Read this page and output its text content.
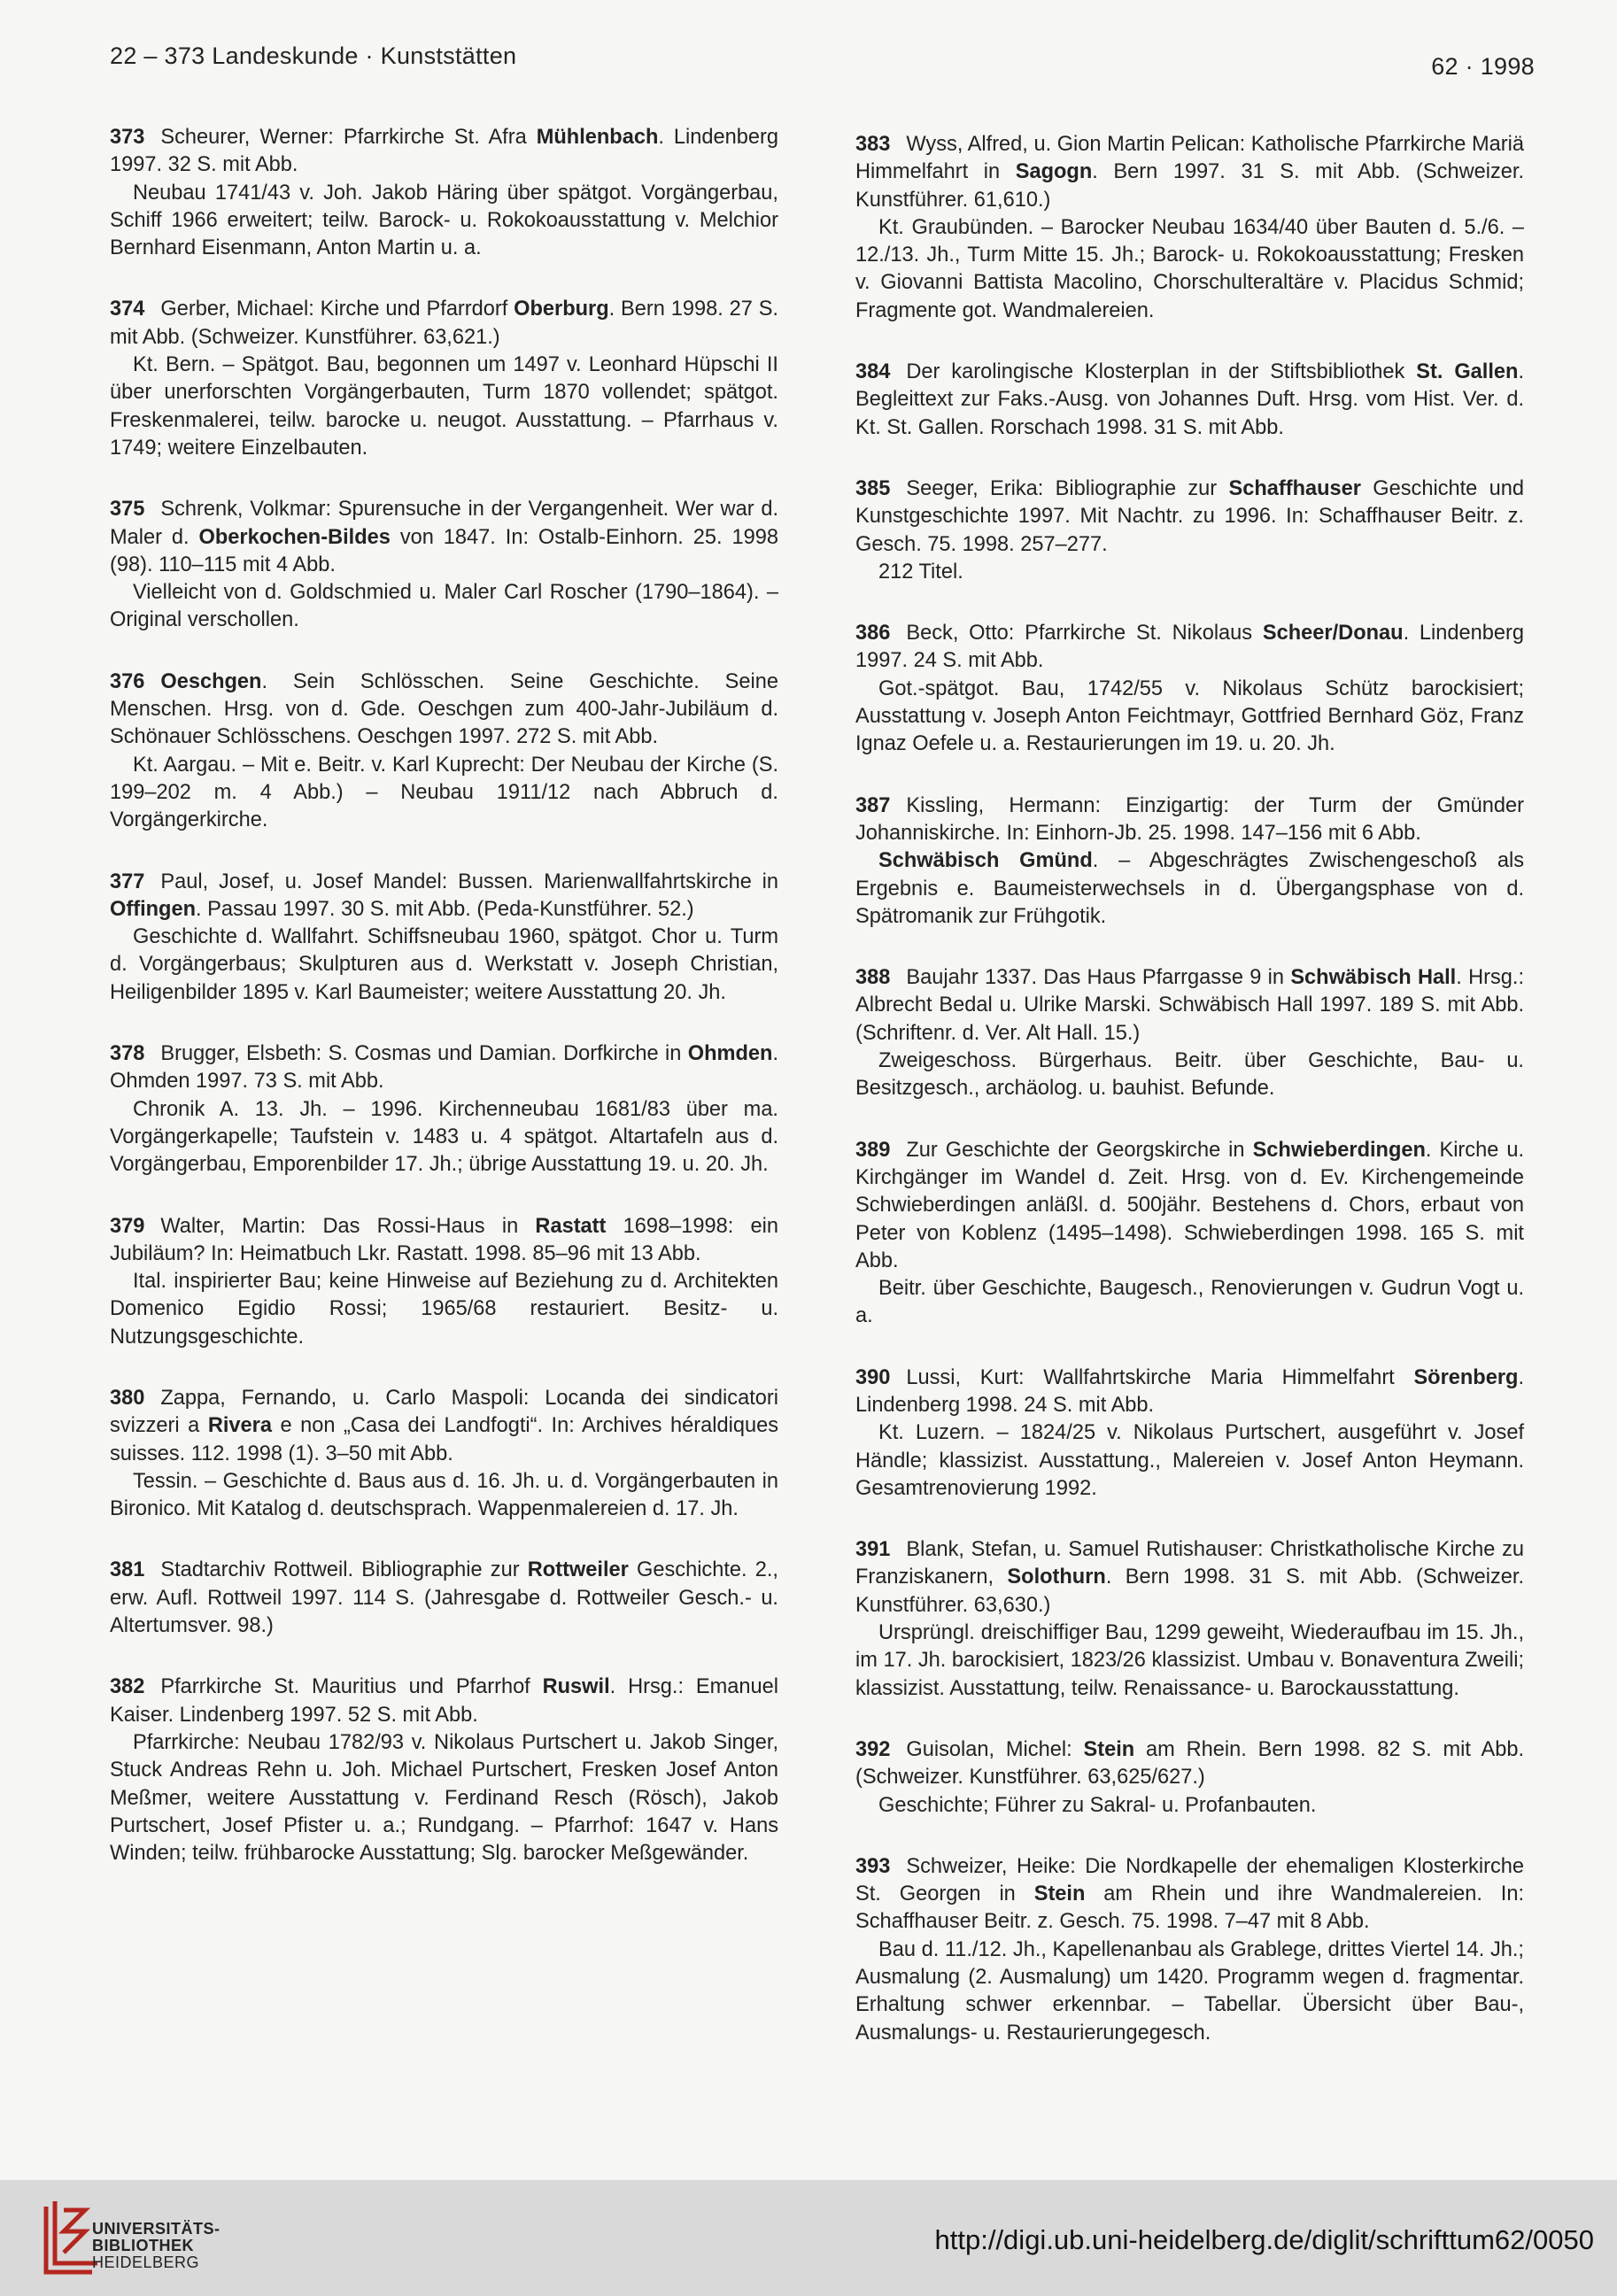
22 – 373 Landeskunde · Kunststätten	62 · 1998
373 Scheurer, Werner: Pfarrkirche St. Afra Mühlenbach. Lindenberg 1997. 32 S. mit Abb.
Neubau 1741/43 v. Joh. Jakob Häring über spätgot. Vorgängerbau, Schiff 1966 erweitert; teilw. Barock- u. Rokokoausstattung v. Melchior Bernhard Eisenmann, Anton Martin u. a.
374 Gerber, Michael: Kirche und Pfarrdorf Oberburg. Bern 1998. 27 S. mit Abb. (Schweizer. Kunstführer. 63,621.)
Kt. Bern. – Spätgot. Bau, begonnen um 1497 v. Leonhard Hüpschi II über unerforschten Vorgängerbauten, Turm 1870 vollendet; spätgot. Freskenmalerei, teilw. barocke u. neugot. Ausstattung. – Pfarrhaus v. 1749; weitere Einzelbauten.
375 Schrenk, Volkmar: Spurensuche in der Vergangenheit. Wer war d. Maler d. Oberkochen-Bildes von 1847. In: Ostalb-Einhorn. 25. 1998 (98). 110–115 mit 4 Abb.
Vielleicht von d. Goldschmied u. Maler Carl Roscher (1790–1864). – Original verschollen.
376 Oeschgen. Sein Schlösschen. Seine Geschichte. Seine Menschen. Hrsg. von d. Gde. Oeschgen zum 400-Jahr-Jubiläum d. Schönauer Schlösschens. Oeschgen 1997. 272 S. mit Abb.
Kt. Aargau. – Mit e. Beitr. v. Karl Kuprecht: Der Neubau der Kirche (S. 199–202 m. 4 Abb.) – Neubau 1911/12 nach Abbruch d. Vorgängerkirche.
377 Paul, Josef, u. Josef Mandel: Bussen. Marienwallfahrtskirche in Offingen. Passau 1997. 30 S. mit Abb. (Peda-Kunstführer. 52.)
Geschichte d. Wallfahrt. Schiffsneubau 1960, spätgot. Chor u. Turm d. Vorgängerbaus; Skulpturen aus d. Werkstatt v. Joseph Christian, Heiligenbilder 1895 v. Karl Baumeister; weitere Ausstattung 20. Jh.
378 Brugger, Elsbeth: S. Cosmas und Damian. Dorfkirche in Ohmden. Ohmden 1997. 73 S. mit Abb.
Chronik A. 13. Jh. – 1996. Kirchenneubau 1681/83 über ma. Vorgängerkapelle; Taufstein v. 1483 u. 4 spätgot. Altartafeln aus d. Vorgängerbau, Emporenbilder 17. Jh.; übrige Ausstattung 19. u. 20. Jh.
379 Walter, Martin: Das Rossi-Haus in Rastatt 1698–1998: ein Jubiläum? In: Heimatbuch Lkr. Rastatt. 1998. 85–96 mit 13 Abb.
Ital. inspirierter Bau; keine Hinweise auf Beziehung zu d. Architekten Domenico Egidio Rossi; 1965/68 restauriert. Besitz- u. Nutzungsgeschichte.
380 Zappa, Fernando, u. Carlo Maspoli: Locanda dei sindicatori svizzeri a Rivera e non „Casa dei Landfogti“. In: Archives héraldiques suisses. 112. 1998 (1). 3–50 mit Abb.
Tessin. – Geschichte d. Baus aus d. 16. Jh. u. d. Vorgängerbauten in Bironico. Mit Katalog d. deutschsprach. Wappenmalereien d. 17. Jh.
381 Stadtarchiv Rottweil. Bibliographie zur Rottweiler Geschichte. 2., erw. Aufl. Rottweil 1997. 114 S. (Jahresgabe d. Rottweiler Gesch.- u. Altertumsver. 98.)
382 Pfarrkirche St. Mauritius und Pfarrhof Ruswil. Hrsg.: Emanuel Kaiser. Lindenberg 1997. 52 S. mit Abb.
Pfarrkirche: Neubau 1782/93 v. Nikolaus Purtschert u. Jakob Singer, Stuck Andreas Rehn u. Joh. Michael Purtschert, Fresken Josef Anton Meßmer, weitere Ausstattung v. Ferdinand Resch (Rösch), Jakob Purtschert, Josef Pfister u. a.; Rundgang. – Pfarrhof: 1647 v. Hans Winden; teilw. frühbarocke Ausstattung; Slg. barocker Meßgewänder.
383 Wyss, Alfred, u. Gion Martin Pelican: Katholische Pfarrkirche Mariä Himmelfahrt in Sagogn. Bern 1997. 31 S. mit Abb. (Schweizer. Kunstführer. 61,610.)
Kt. Graubünden. – Barocker Neubau 1634/40 über Bauten d. 5./6. – 12./13. Jh., Turm Mitte 15. Jh.; Barock- u. Rokokoausstattung; Fresken v. Giovanni Battista Macolino, Chorschulteraltäre v. Placidus Schmid; Fragmente got. Wandmalereien.
384 Der karolingische Klosterplan in der Stiftsbibliothek St. Gallen. Begleittext zur Faks.-Ausg. von Johannes Duft. Hrsg. vom Hist. Ver. d. Kt. St. Gallen. Rorschach 1998. 31 S. mit Abb.
385 Seeger, Erika: Bibliographie zur Schaffhauser Geschichte und Kunstgeschichte 1997. Mit Nachtr. zu 1996. In: Schaffhauser Beitr. z. Gesch. 75. 1998. 257–277.
212 Titel.
386 Beck, Otto: Pfarrkirche St. Nikolaus Scheer/Donau. Lindenberg 1997. 24 S. mit Abb.
Got.-spätgot. Bau, 1742/55 v. Nikolaus Schütz barockisiert; Ausstattung v. Joseph Anton Feichtmayr, Gottfried Bernhard Göz, Franz Ignaz Oefele u. a. Restaurierungen im 19. u. 20. Jh.
387 Kissling, Hermann: Einzigartig: der Turm der Gmünder Johanniskirche. In: Einhorn-Jb. 25. 1998. 147–156 mit 6 Abb.
Schwäbisch Gmünd. – Abgeschrägtes Zwischengeschoß als Ergebnis e. Baumeisterwechsels in d. Übergangsphase von d. Spätromanik zur Frühgotik.
388 Baujahr 1337. Das Haus Pfarrgasse 9 in Schwäbisch Hall. Hrsg.: Albrecht Bedal u. Ulrike Marski. Schwäbisch Hall 1997. 189 S. mit Abb. (Schriftenr. d. Ver. Alt Hall. 15.)
Zweigeschoss. Bürgerhaus. Beitr. über Geschichte, Bau- u. Besitzgesch., archäolog. u. bauhist. Befunde.
389 Zur Geschichte der Georgskirche in Schwieberdingen. Kirche u. Kirchgänger im Wandel d. Zeit. Hrsg. von d. Ev. Kirchengemeinde Schwieberdingen anläßl. d. 500jähr. Bestehens d. Chors, erbaut von Peter von Koblenz (1495–1498). Schwieberdingen 1998. 165 S. mit Abb.
Beitr. über Geschichte, Baugesch., Renovierungen v. Gudrun Vogt u. a.
390 Lussi, Kurt: Wallfahrtskirche Maria Himmelfahrt Sörenberg. Lindenberg 1998. 24 S. mit Abb.
Kt. Luzern. – 1824/25 v. Nikolaus Purtschert, ausgeführt v. Josef Händle; klassizist. Ausstattung., Malereien v. Josef Anton Heymann. Gesamtrenovierung 1992.
391 Blank, Stefan, u. Samuel Rutishauser: Christkatholische Kirche zu Franziskanern, Solothurn. Bern 1998. 31 S. mit Abb. (Schweizer. Kunstführer. 63,630.)
Ursprüngl. dreischiffiger Bau, 1299 geweiht, Wiederaufbau im 15. Jh., im 17. Jh. barockisiert, 1823/26 klassizist. Umbau v. Bonaventura Zweili; klassizist. Ausstattung, teilw. Renaissance- u. Barockausstattung.
392 Guisolan, Michel: Stein am Rhein. Bern 1998. 82 S. mit Abb. (Schweizer. Kunstführer. 63,625/627.)
Geschichte; Führer zu Sakral- u. Profanbauten.
393 Schweizer, Heike: Die Nordkapelle der ehemaligen Klosterkirche St. Georgen in Stein am Rhein und ihre Wandmalereien. In: Schaffhauser Beitr. z. Gesch. 75. 1998. 7–47 mit 8 Abb.
Bau d. 11./12. Jh., Kapellenanbau als Grablege, drittes Viertel 14. Jh.; Ausmalung (2. Ausmalung) um 1420. Programm wegen d. fragmentar. Erhaltung schwer erkennbar. – Tabellar. Übersicht über Bau-, Ausmalungs- u. Restaurierungegesch.
UNIVERSITÄTS-
BIBLIOTHEK
HEIDELBERG
http://digi.ub.uni-heidelberg.de/diglit/schrifttum62/0050
